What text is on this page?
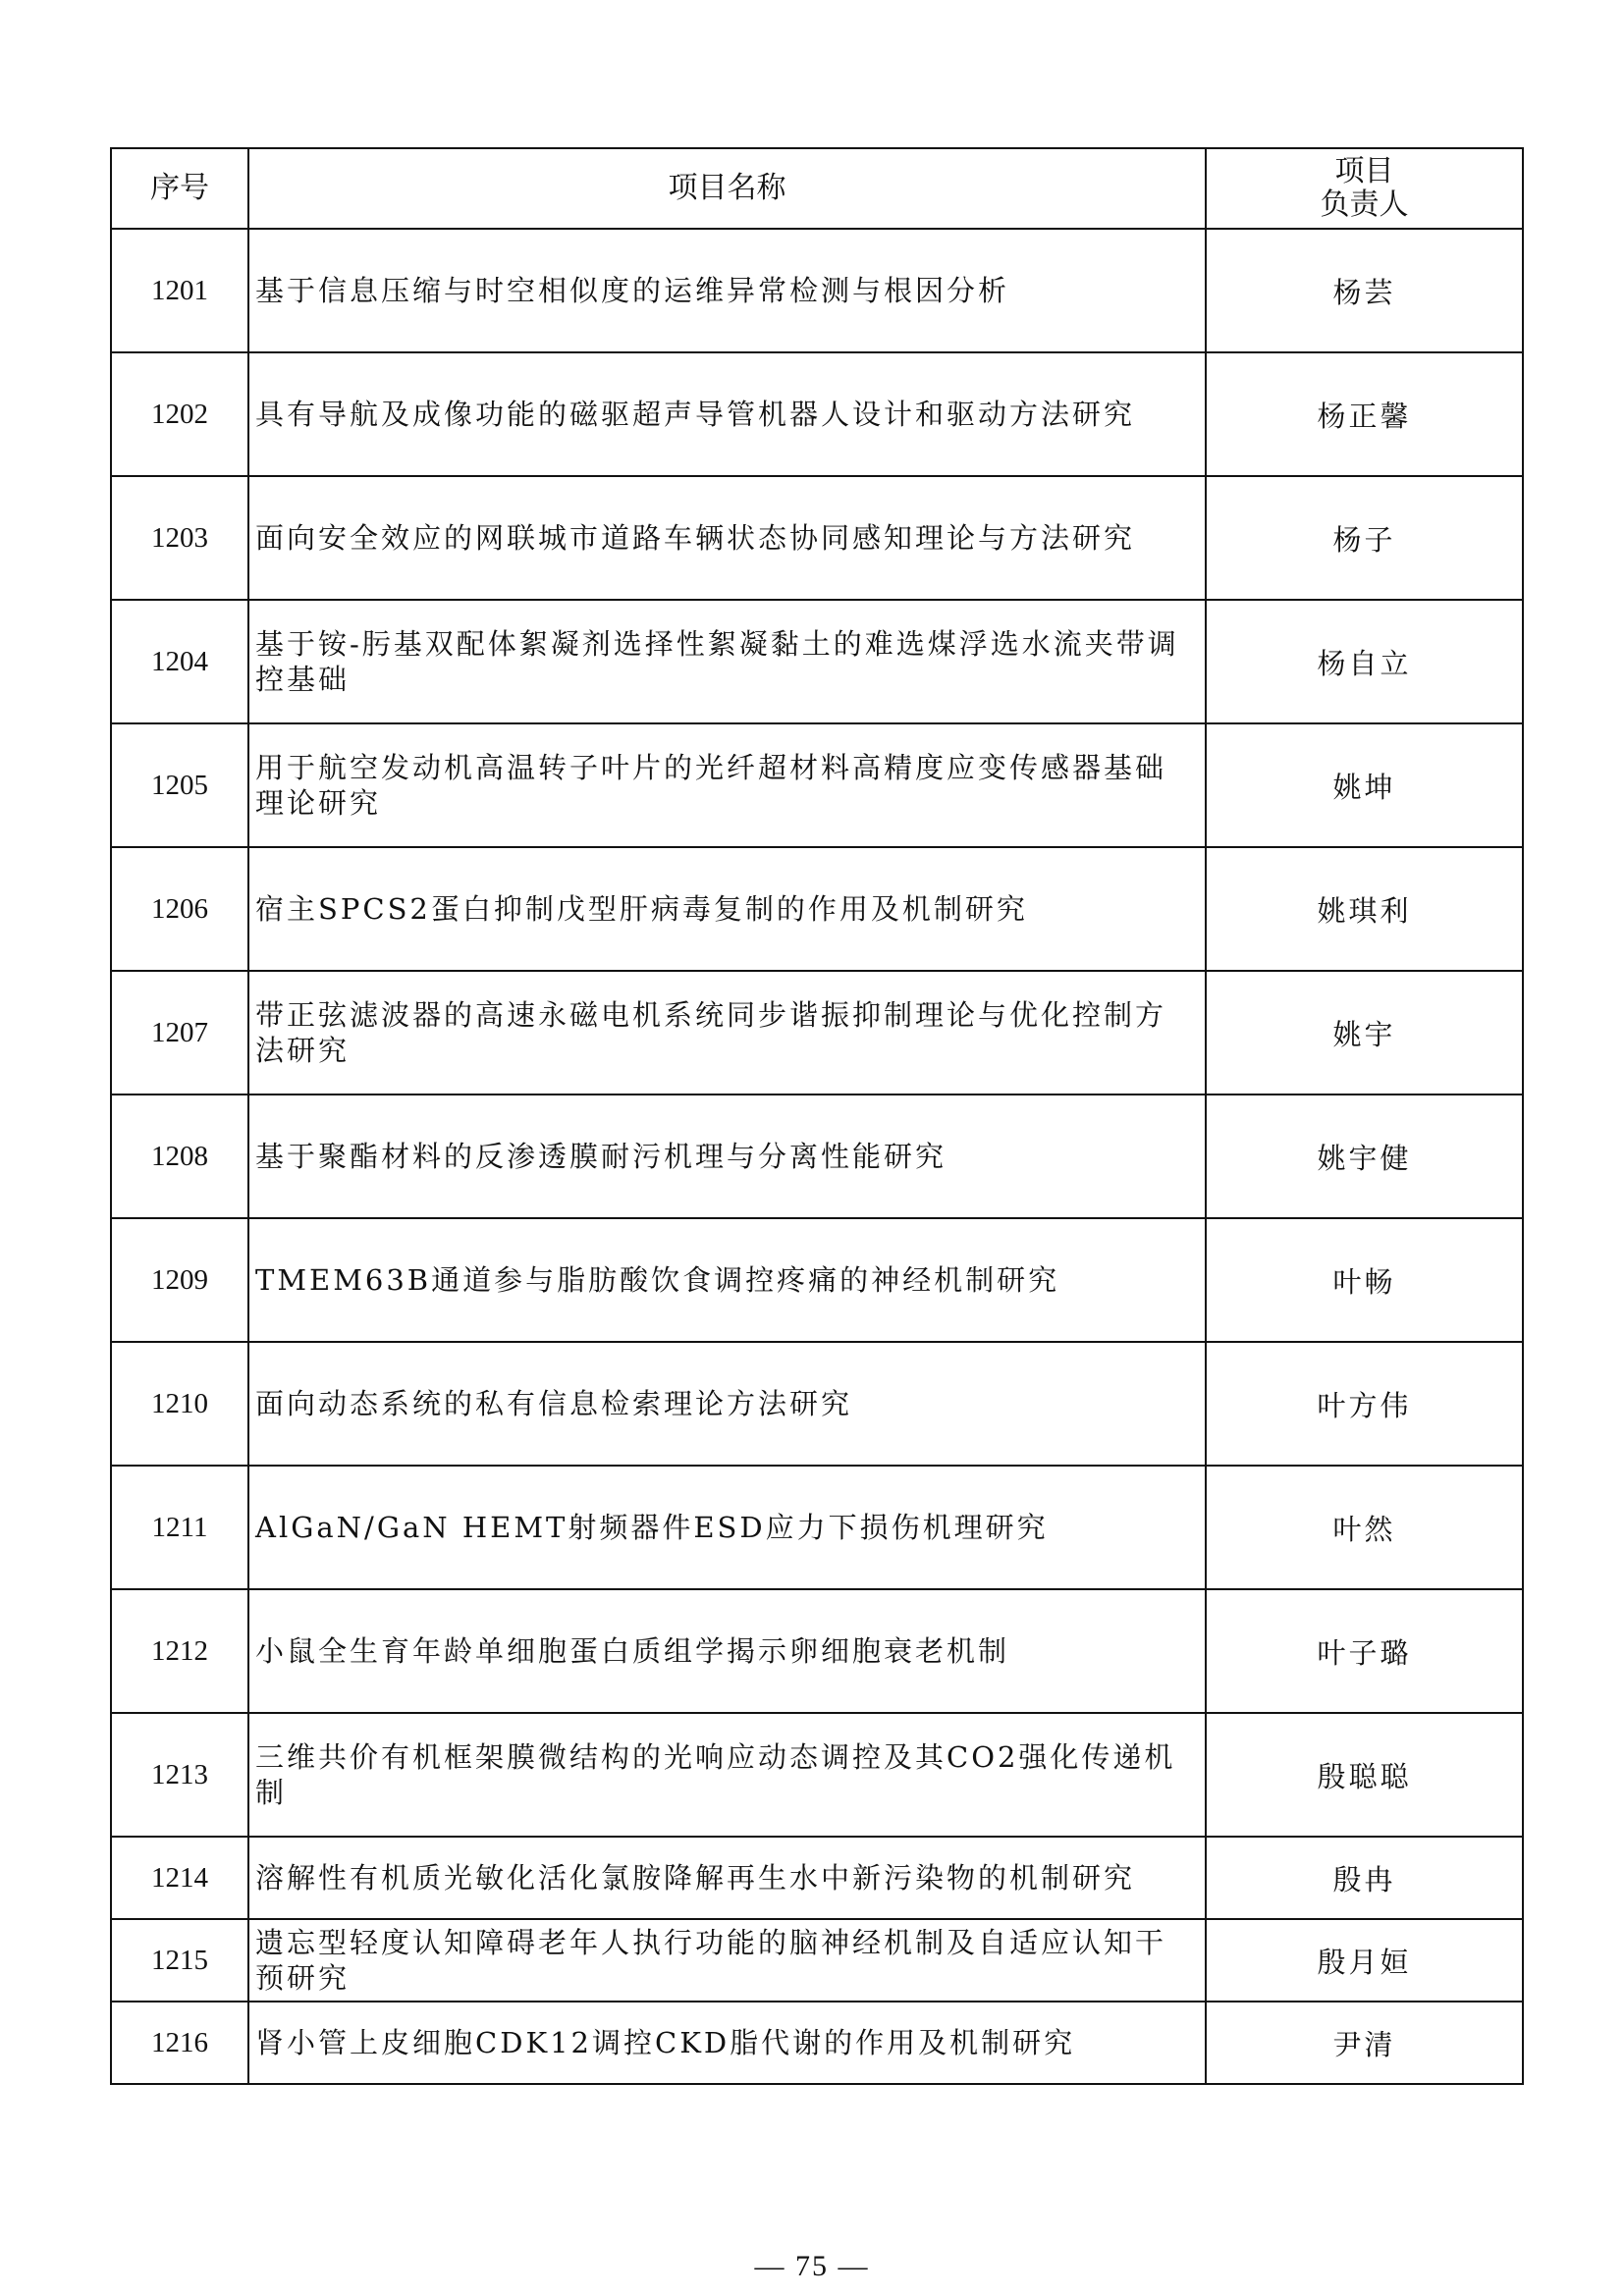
序号	项目名称	项目
负责人

1201	基于信息压缩与时空相似度的运维异常检测与根因分析	杨芸
1202	具有导航及成像功能的磁驱超声导管机器人设计和驱动方法研究	杨正馨
1203	面向安全效应的网联城市道路车辆状态协同感知理论与方法研究	杨子
1204	基于铵-肟基双配体絮凝剂选择性絮凝黏土的难选煤浮选水流夹带调控基础	杨自立
1205	用于航空发动机高温转子叶片的光纤超材料高精度应变传感器基础理论研究	姚坤
1206	宿主SPCS2蛋白抑制戊型肝病毒复制的作用及机制研究	姚琪利
1207	带正弦滤波器的高速永磁电机系统同步谐振抑制理论与优化控制方法研究	姚宇
1208	基于聚酯材料的反渗透膜耐污机理与分离性能研究	姚宇健
1209	TMEM63B通道参与脂肪酸饮食调控疼痛的神经机制研究	叶畅
1210	面向动态系统的私有信息检索理论方法研究	叶方伟
1211	AlGaN/GaN HEMT射频器件ESD应力下损伤机理研究	叶然
1212	小鼠全生育年龄单细胞蛋白质组学揭示卵细胞衰老机制	叶子璐
1213	三维共价有机框架膜微结构的光响应动态调控及其CO2强化传递机制	殷聪聪
1214	溶解性有机质光敏化活化氯胺降解再生水中新污染物的机制研究	殷冉
1215	遗忘型轻度认知障碍老年人执行功能的脑神经机制及自适应认知干预研究	殷月姮
1216	肾小管上皮细胞CDK12调控CKD脂代谢的作用及机制研究	尹清
— 75 —
